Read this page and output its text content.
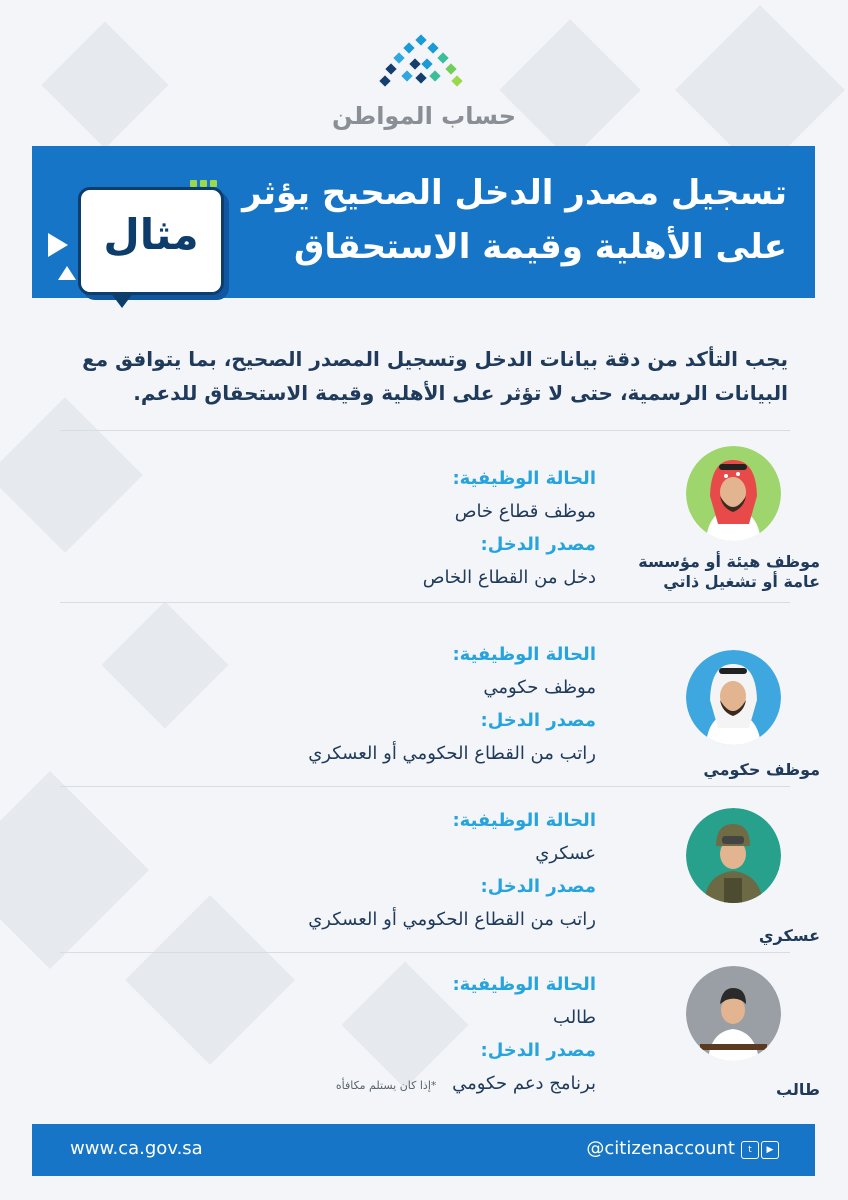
حساب المواطن
تسجيل مصدر الدخل الصحيح يؤثر
على الأهلية وقيمة الاستحقاق
مثال
يجب التأكد من دقة بيانات الدخل وتسجيل المصدر الصحيح، بما يتوافق مع
البيانات الرسمية، حتى لا تؤثر على الأهلية وقيمة الاستحقاق للدعم.
موظف هيئة أو مؤسسة
عامة أو تشغيل ذاتي
الحالة الوظيفية:
موظف قطاع خاص
مصدر الدخل:
دخل من القطاع الخاص
موظف حكومي
الحالة الوظيفية:
موظف حكومي
مصدر الدخل:
راتب من القطاع الحكومي أو العسكري
عسكري
الحالة الوظيفية:
عسكري
مصدر الدخل:
راتب من القطاع الحكومي أو العسكري
طالب
الحالة الوظيفية:
طالب
مصدر الدخل:
برنامج دعم حكومي *إذا كان يستلم مكافأه
www.ca.gov.sa	@citizenaccount	t	▶
